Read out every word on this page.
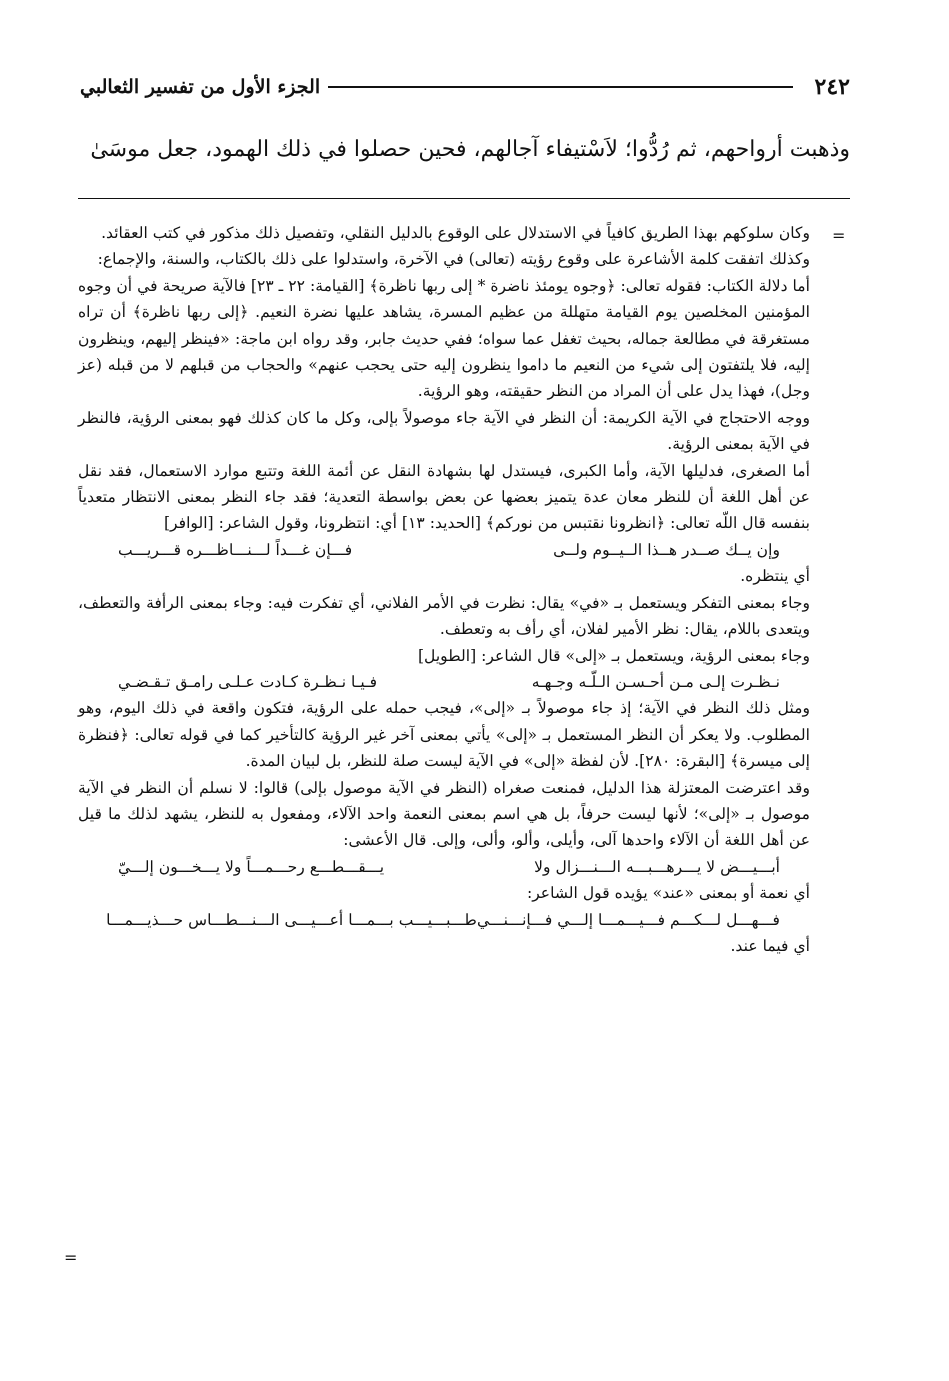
٢٤٢
الجزء الأول من تفسير الثعالبي
وذهبت أرواحهم، ثم رُدُّوا؛ لاَسْتيفاء آجالهم، فحين حصلوا في ذلك الهمود، جعل موسَىٰ
=

وكان سلوكهم بهذا الطريق كافياً في الاستدلال على الوقوع بالدليل النقلي، وتفصيل ذلك مذكور في كتب العقائد.

وكذلك اتفقت كلمة الأشاعرة على وقوع رؤيته (تعالى) في الآخرة، واستدلوا على ذلك بالكتاب، والسنة، والإجماع:

أما دلالة الكتاب: فقوله تعالى: ﴿وجوه يومئذ ناضرة * إلى ربها ناظرة﴾ [القيامة: ٢٢ ـ ٢٣] فالآية صريحة في أن وجوه المؤمنين المخلصين يوم القيامة متهللة من عظيم المسرة، يشاهد عليها نضرة النعيم. ﴿إلى ربها ناظرة﴾ أن تراه مستغرقة في مطالعة جماله، بحيث تغفل عما سواه؛ ففي حديث جابر، وقد رواه ابن ماجة: «فينظر إليهم، وينظرون إليه، فلا يلتفتون إلى شيء من النعيم ما داموا ينظرون إليه حتى يحجب عنهم» والحجاب من قبلهم لا من قبله (عز وجل)، فهذا يدل على أن المراد من النظر حقيقته، وهو الرؤية.

ووجه الاحتجاج في الآية الكريمة: أن النظر في الآية جاء موصولاً بإلى، وكل ما كان كذلك فهو بمعنى الرؤية، فالنظر في الآية بمعنى الرؤية.

أما الصغرى، فدليلها الآية، وأما الكبرى، فيستدل لها بشهادة النقل عن أئمة اللغة وتتبع موارد الاستعمال، فقد نقل عن أهل اللغة أن للنظر معان عدة يتميز بعضها عن بعض بواسطة التعدية؛ فقد جاء النظر بمعنى الانتظار متعدياً بنفسه قال اللّه تعالى: ﴿انظرونا نقتبس من نوركم﴾ [الحديد: ١٣] أي: انتظرونا، وقول الشاعر: [الوافر]

وإن يــك صــدر هــذا الــيــوم ولــى
فـــإن غـــداً لـــنـــاظـــره قـــريـــب

أي ينتظره.

وجاء بمعنى التفكر ويستعمل بـ «في» يقال: نظرت في الأمر الفلاني، أي تفكرت فيه: وجاء بمعنى الرأفة والتعطف، ويتعدى باللام، يقال: نظر الأمير لفلان، أي رأف به وتعطف.

وجاء بمعنى الرؤية، ويستعمل بـ «إلى» قال الشاعر: [الطويل]

نـظـرت إلـى مـن أحـسـن الـلّـه وجـهـه
فـيـا نـظـرة كـادت عـلـى رامـق تـقـضـي

ومثل ذلك النظر في الآية؛ إذ جاء موصولاً بـ «إلى»، فيجب حمله على الرؤية، فتكون واقعة في ذلك اليوم، وهو المطلوب. ولا يعكر أن النظر المستعمل بـ «إلى» يأتي بمعنى آخر غير الرؤية كالتأخير كما في قوله تعالى: ﴿فنظرة إلى ميسرة﴾ [البقرة: ٢٨٠]. لأن لفظة «إلى» في الآية ليست صلة للنظر، بل لبيان المدة.

وقد اعترضت المعتزلة هذا الدليل، فمنعت صغراه (النظر في الآية موصول بإلى) قالوا: لا نسلم أن النظر في الآية موصول بـ «إلى»؛ لأنها ليست حرفاً، بل هي اسم بمعنى النعمة واحد الآلاء، ومفعول به للنظر، يشهد لذلك ما قيل عن أهل اللغة أن الآلاء واحدها آلى، وأيلى، وألو، وألى، وإلى. قال الأعشى:

أبـــيـــض لا يـــرهـــبـــه الـــنـــزال ولا
يـــقـــطـــع رحـــمـــاً ولا يـــخـــون إلـــيّ

أي نعمة أو بمعنى «عند» يؤيده قول الشاعر:

فـــهـــل لـــكـــم فـــيـــمـــا إلـــي فـــإنـــنـــي
طـــبـــيـــب بـــمـــا أعـــيـــى الـــنـــطـــاس حـــذيـــمـــا

أي فيما عند.

=
